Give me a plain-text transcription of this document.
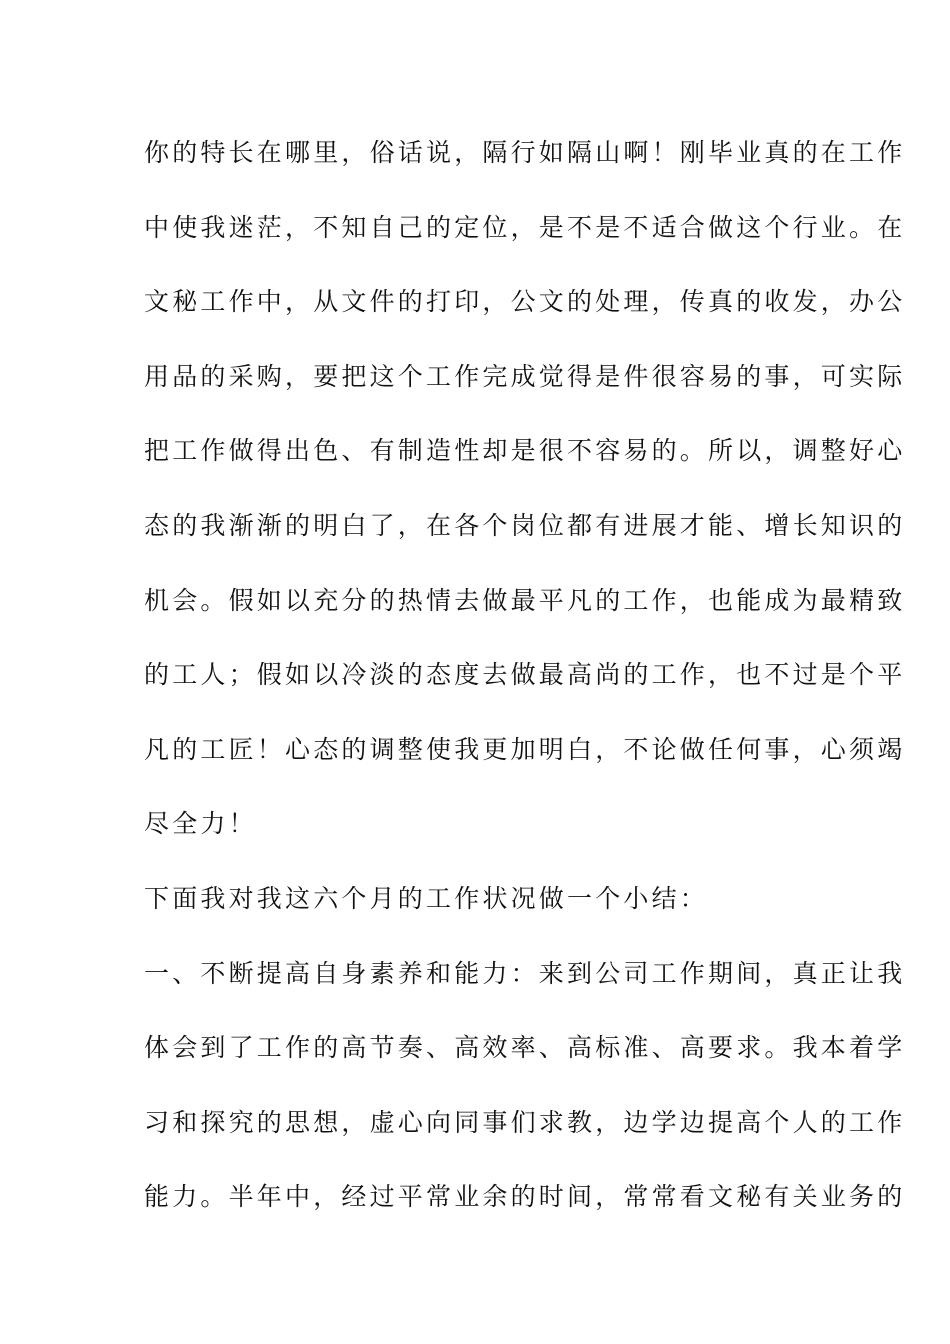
你的特长在哪里，俗话说，隔行如隔山啊！刚毕业真的在工作
中使我迷茫，不知自己的定位，是不是不适合做这个行业。在
文秘工作中，从文件的打印，公文的处理，传真的收发，办公
用品的采购，要把这个工作完成觉得是件很容易的事，可实际
把工作做得出色、有制造性却是很不容易的。所以，调整好心
态的我渐渐的明白了，在各个岗位都有进展才能、增长知识的
机会。假如以充分的热情去做最平凡的工作，也能成为最精致
的工人；假如以冷淡的态度去做最高尚的工作，也不过是个平
凡的工匠！心态的调整使我更加明白，不论做任何事，心须竭
尽全力！
下面我对我这六个月的工作状况做一个小结：
一、不断提高自身素养和能力：来到公司工作期间，真正让我
体会到了工作的高节奏、高效率、高标准、高要求。我本着学
习和探究的思想，虚心向同事们求教，边学边提高个人的工作
能力。半年中，经过平常业余的时间，常常看文秘有关业务的
